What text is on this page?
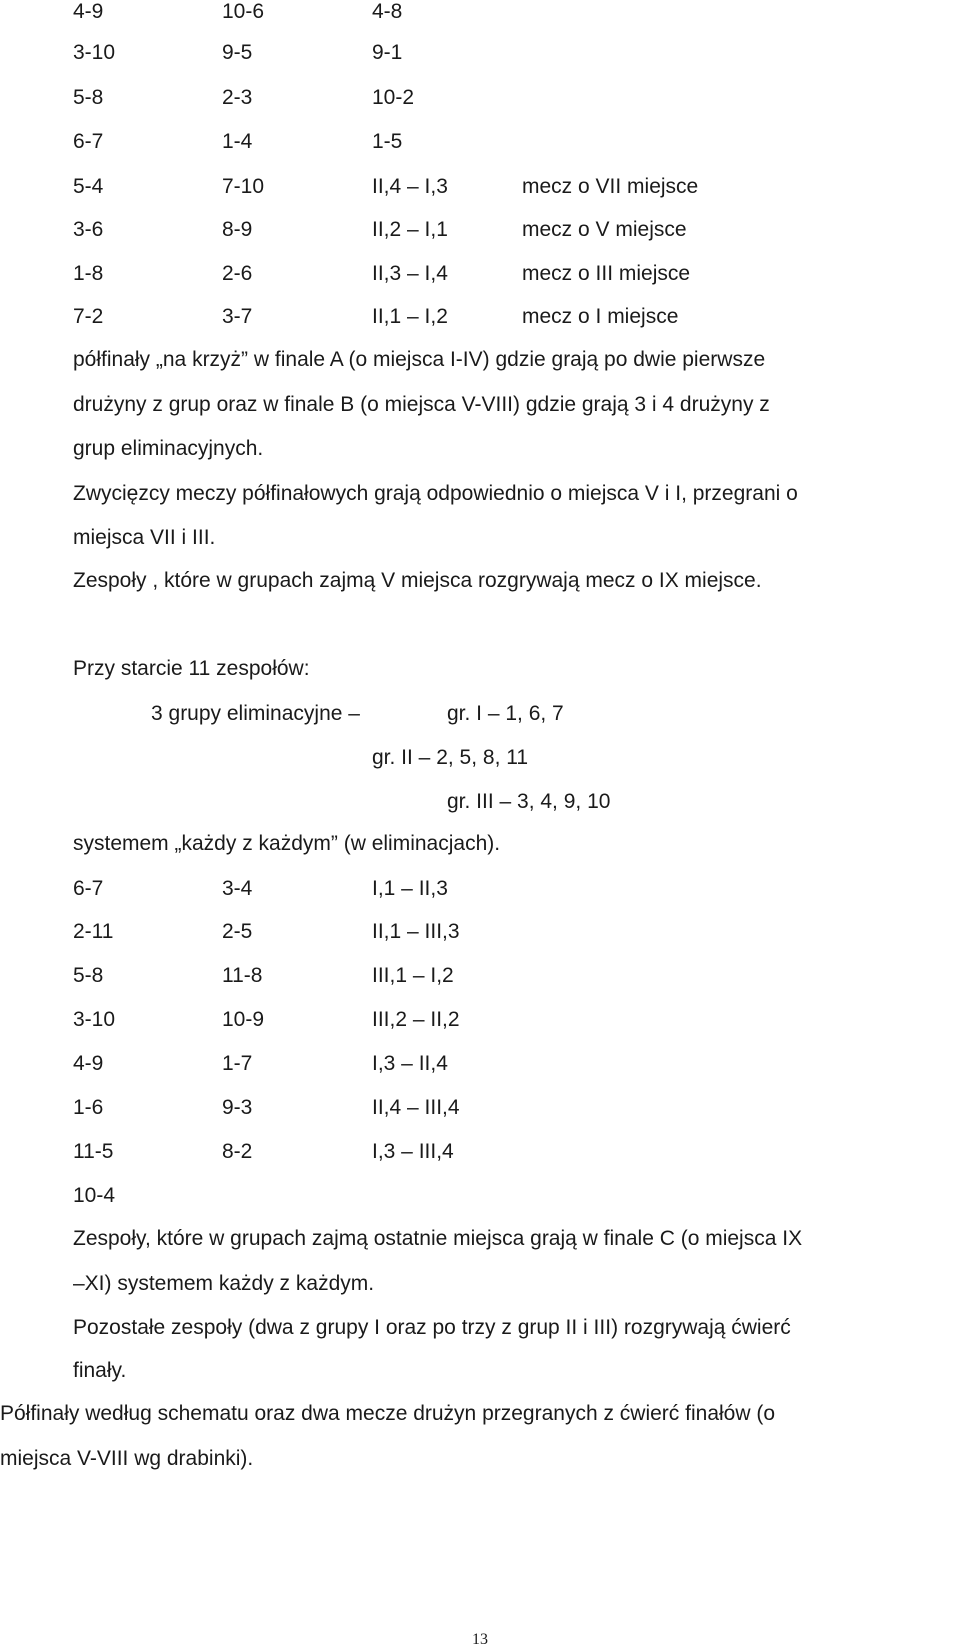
4-9	10-6	4-8
3-10	9-5	9-1
5-8	2-3	10-2
6-7	1-4	1-5
5-4	7-10	II,4 – I,3	mecz o VII miejsce
3-6	8-9	II,2 – I,1	mecz o V miejsce
1-8	2-6	II,3 – I,4	mecz o III miejsce
7-2	3-7	II,1 – I,2	mecz o I miejsce
półfinały „na krzyż” w finale A (o miejsca I-IV) gdzie grają po dwie pierwsze
drużyny z grup oraz w finale B (o miejsca V-VIII) gdzie grają 3 i 4 drużyny z
grup eliminacyjnych.
Zwycięzcy meczy półfinałowych grają odpowiednio o miejsca V i I, przegrani o
miejsca VII i III.
Zespoły , które w grupach zajmą V miejsca rozgrywają mecz o IX miejsce.
Przy starcie 11 zespołów:
3 grupy eliminacyjne –	gr. I – 1, 6, 7
gr. II – 2, 5, 8, 11
gr. III – 3, 4, 9, 10
systemem „każdy z każdym” (w eliminacjach).
6-7	3-4	I,1 – II,3
2-11	2-5	II,1 – III,3
5-8	11-8	III,1 – I,2
3-10	10-9	III,2 – II,2
4-9	1-7	I,3 – II,4
1-6	9-3	II,4 – III,4
11-5	8-2	I,3 – III,4
10-4
Zespoły, które w grupach zajmą ostatnie miejsca grają w finale C (o miejsca IX
–XI) systemem każdy z każdym.
Pozostałe zespoły (dwa z grupy I oraz po trzy z grup II i III) rozgrywają ćwierć
finały.
Półfinały według schematu oraz dwa mecze drużyn przegranych z ćwierć finałów (o
miejsca V-VIII wg drabinki).
13
